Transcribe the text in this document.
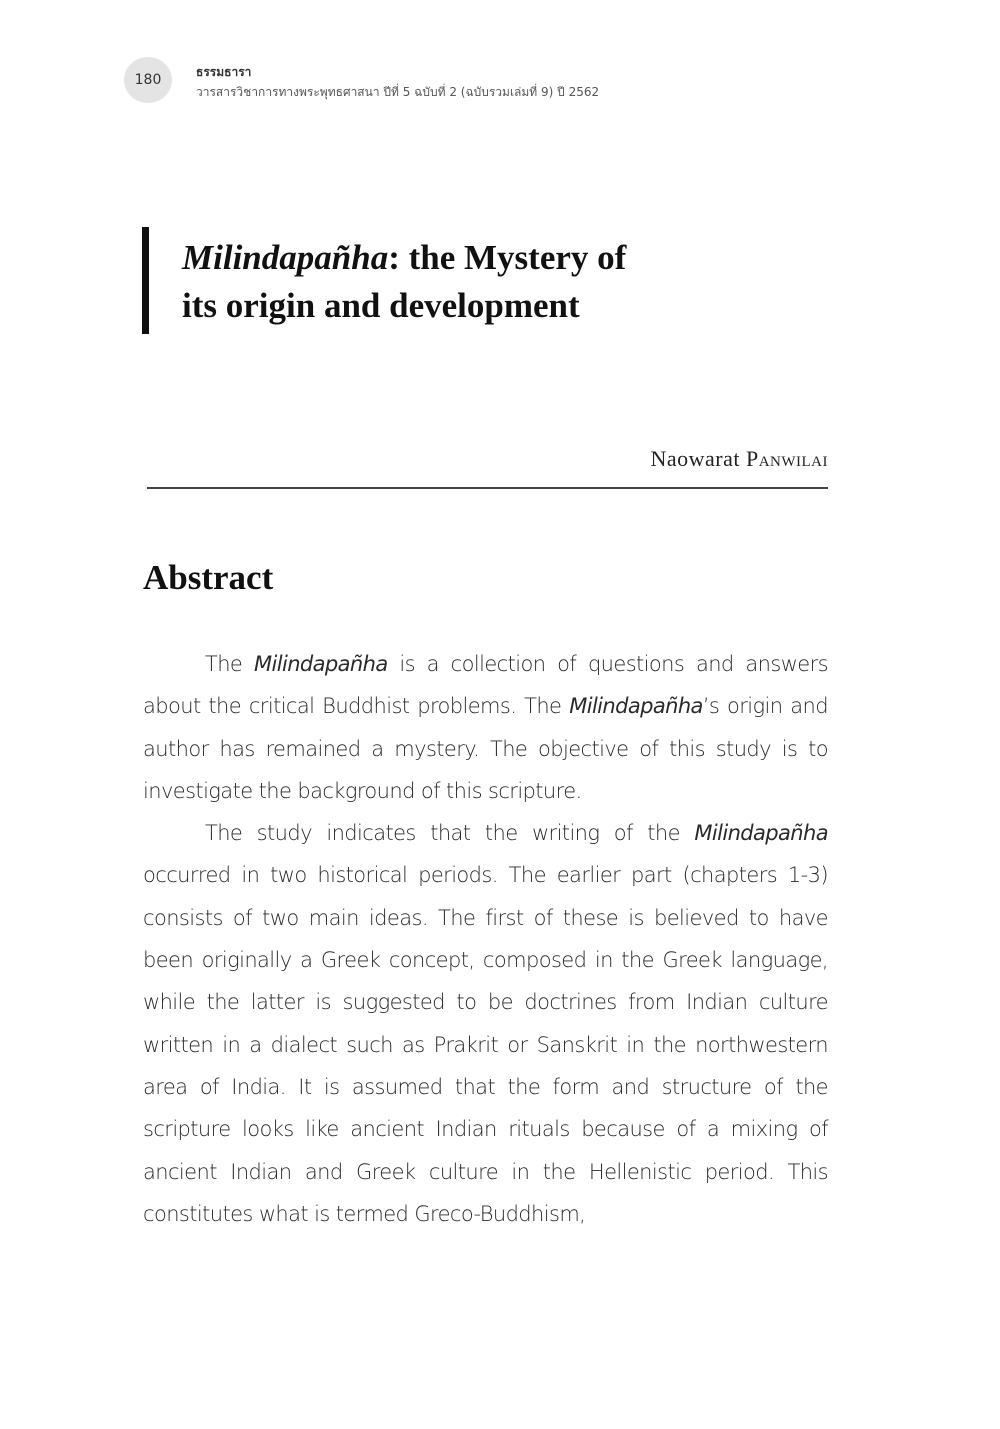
180	ธรรมธารา
วารสารวิชาการทางพระพุทธศาสนา ปีที่ 5 ฉบับที่ 2 (ฉบับรวมเล่มที่ 9) ปี 2562
Milindapañha: the Mystery of
its origin and development
Naowarat Panwilai
Abstract

The Milindapañha is a collection of questions and answers about the critical Buddhist problems. The Milindapañha’s origin and author has remained a mystery. The objective of this study is to investigate the background of this scripture.

The study indicates that the writing of the Milindapañha occurred in two historical periods. The earlier part (chapters 1-3) consists of two main ideas. The first of these is believed to have been originally a Greek concept, composed in the Greek language, while the latter is suggested to be doctrines from Indian culture written in a dialect such as Prakrit or Sanskrit in the northwestern area of India. It is assumed that the form and structure of the scripture looks like ancient Indian rituals because of a mixing of ancient Indian and Greek culture in the Hellenistic period. This constitutes what is termed Greco-Buddhism,
